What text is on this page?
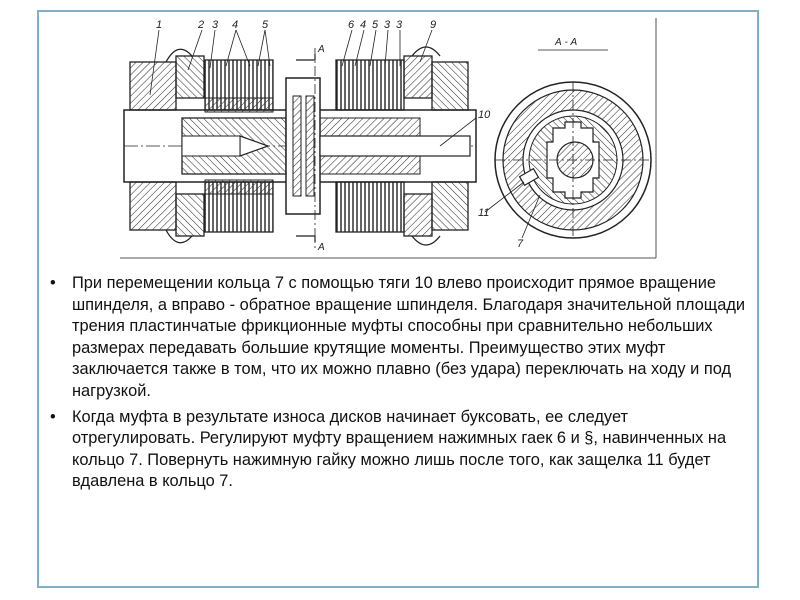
1	2 3 4 5	6 4 5 3 3	9
10
11
7
A
A
А - А
• При перемещении кольца 7 с помощью тяги 10 влево происходит прямое вращение шпинделя, а вправо - обратное вращение шпинделя. Благодаря значительной площади трения пластинчатые фрикционные муфты способны при сравнительно небольших размерах передавать большие крутящие моменты. Преимущество этих муфт заключается также в том, что их можно плавно (без удара) переключать на ходу и под нагрузкой.
• Когда муфта в результате износа дисков начинает буксовать, ее следует отрегулировать. Регулируют муфту вращением нажимных гаек 6 и §, навинченных на кольцо 7. Повернуть нажимную гайку можно лишь после того, как защелка 11 будет вдавлена в кольцо 7.
